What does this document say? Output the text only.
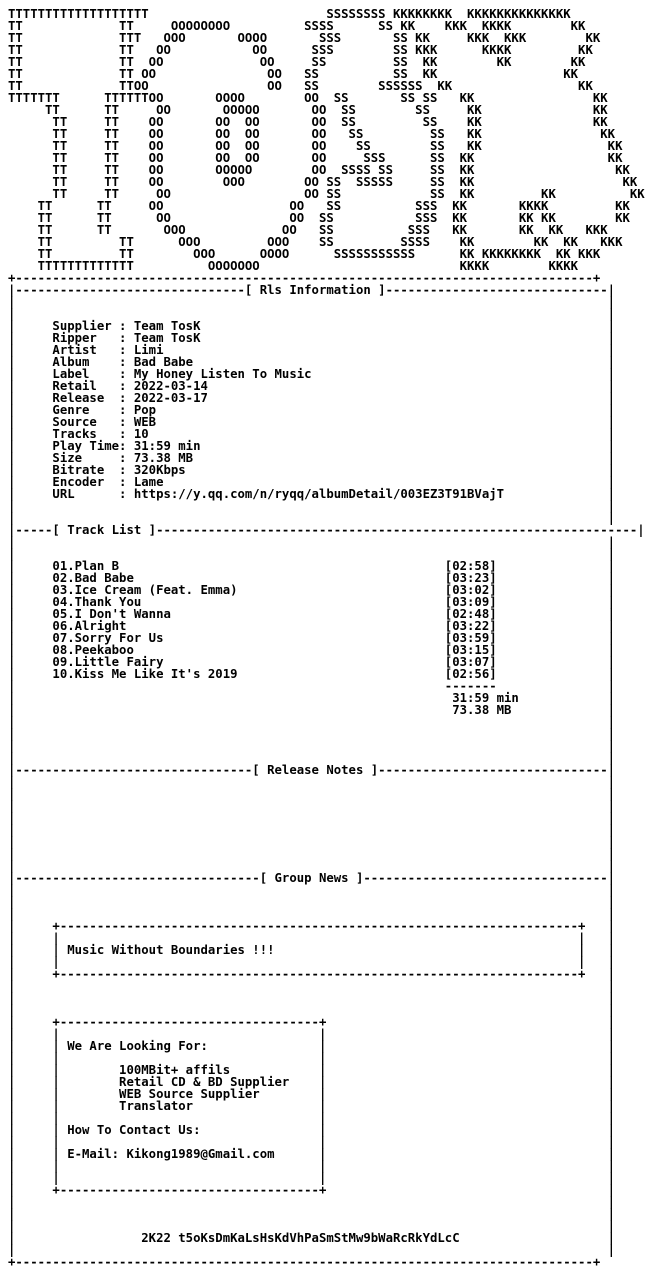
TTTTTTTTTTTTTTTTTTT                        SSSSSSSS KKKKKKKK  KKKKKKKKKKKKKK
TT             TT     OOOOOOOO          SSSS      SS KK    KKK  KKKK        KK
TT             TTT   OOO       OOOO       SSS       SS KK     KKK  KKK        KK
TT             TT   OO           OO      SSS        SS KKK      KKKK         KK
TT             TT  OO             OO     SS         SS  KK        KK        KK
TT             TT OO               OO   SS          SS  KK                 KK
TT             TTOO                OO   SS        SSSSSS  KK                 KK
TTTTTTT      TTTTTTOO       OOOO        OO  SS       SS SS   KK                KK
TT      TT     OO       OOOOO       OO  SS        SS     KK               KK
TT     TT    OO       OO  OO       OO  SS         SS    KK               KK
TT     TT    OO       OO  OO       OO   SS         SS   KK                KK
TT     TT    OO       OO  OO       OO    SS        SS   KK                 KK
TT     TT    OO       OO  OO       OO     SSS      SS  KK                  KK
TT     TT    OO       OOOOO        OO  SSSS SS     SS  KK                   KK
TT     TT    OO        OOO        OO SS  SSSSS     SS  KK                    KK
TT     TT     OO                  OO SS            SS  KK         KK          KK
TT      TT     OO                 OO   SS          SSS  KK       KKKK         KK
TT      TT      OO                OO  SS           SSS  KK       KK KK        KK
TT      TT       OOO             OO   SS          SSS   KK       KK  KK   KKK
TT         TT      OOO         OOO    SS         SSSS    KK        KK  KK   KKK
TT         TT        OOO      OOOO      SSSSSSSSSSS      KK KKKKKKKK  KK KKK
TTTTTTTTTTTTT          OOOOOOO                           KKKK        KKKK
+------------------------------------------------------------------------------+
|-------------------------------[ Rls Information ]------------------------------|
|                                                                                |
|                                                                                |
|     Supplier : Team TosK                                                       |
|     Ripper   : Team TosK                                                       |
|     Artist   : Limi                                                            |
|     Album    : Bad Babe                                                        |
|     Label    : My Honey Listen To Music                                        |
|     Retail   : 2022-03-14                                                      |
|     Release  : 2022-03-17                                                      |
|     Genre    : Pop                                                             |
|     Source   : WEB                                                             |
|     Tracks   : 10                                                              |
|     Play Time: 31:59 min                                                       |
|     Size     : 73.38 MB                                                        |
|     Bitrate  : 320Kbps                                                         |
|     Encoder  : Lame                                                            |
|     URL      : https://y.qq.com/n/ryqq/albumDetail/003EZ3T91BVajT              |
|                                                                                |
|                                                                                |
|-----[ Track List ]-----------------------------------------------------------------|
|                                                                                |
|                                                                                |
|     01.Plan B                                            [02:58]               |
|     02.Bad Babe                                          [03:23]               |
|     03.Ice Cream (Feat. Emma)                            [03:02]               |
|     04.Thank You                                         [03:09]               |
|     05.I Don't Wanna                                     [02:48]               |
|     06.Alright                                           [03:22]               |
|     07.Sorry For Us                                      [03:59]               |
|     08.Peekaboo                                          [03:15]               |
|     09.Little Fairy                                      [03:07]               |
|     10.Kiss Me Like It's 2019                            [02:56]               |
|                                                          -------               |
|                                                           31:59 min            |
|                                                           73.38 MB             |
|                                                                                |
|                                                                                |
|                                                                                |
|                                                                                |
|--------------------------------[ Release Notes ]-------------------------------|
|                                                                                |
|                                                                                |
|                                                                                |
|                                                                                |
|                                                                                |
|                                                                                |
|                                                                                |
|                                                                                |
|---------------------------------[ Group News ]---------------------------------|
|                                                                                |
|                                                                                |
|                                                                                |
|     +----------------------------------------------------------------------+   |
|     |                                                                      |   |
|     | Music Without Boundaries !!!                                         |   |
|     |                                                                      |   |
|     +----------------------------------------------------------------------+   |
|                                                                                |
|                                                                                |
|                                                                                |
|     +-----------------------------------+                                      |
|     |                                   |                                      |
|     | We Are Looking For:               |                                      |
|     |                                   |                                      |
|     |        100MBit+ affils            |                                      |
|     |        Retail CD & BD Supplier    |                                      |
|     |        WEB Source Supplier        |                                      |
|     |        Translator                 |                                      |
|     |                                   |                                      |
|     | How To Contact Us:                |                                      |
|     |                                   |                                      |
|     | E-Mail: Kikong1989@Gmail.com      |                                      |
|     |                                   |                                      |
|     |                                   |                                      |
|     +-----------------------------------+                                      |
|                                                                                |
|                                                                                |
|                                                                                |
|                 2K22 t5oKsDmKaLsHsKdVhPaSmStMw9bWaRcRkYdLcC                    |
|                                                                                |
+------------------------------------------------------------------------------+
